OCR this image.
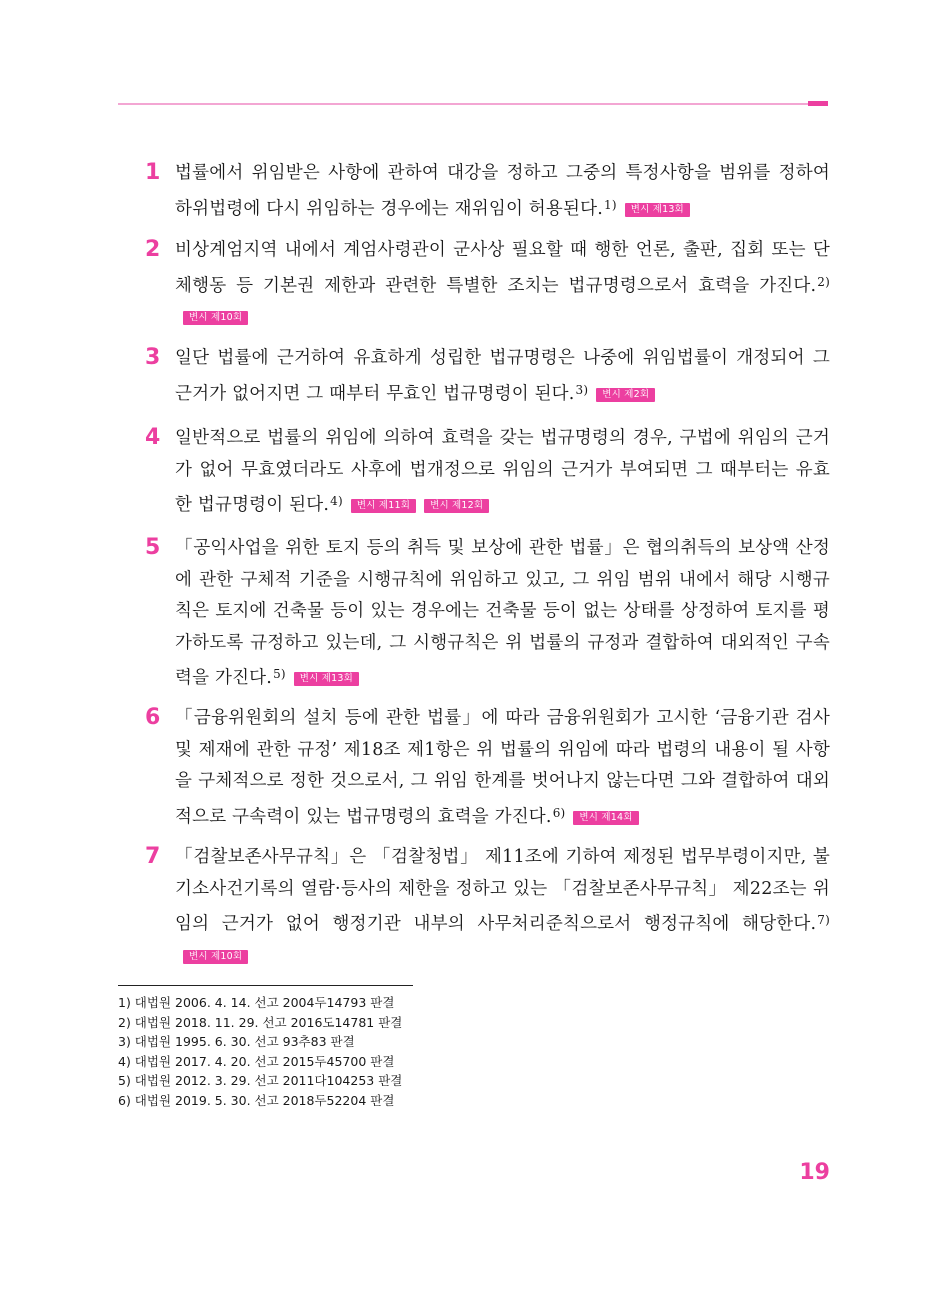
1 법률에서 위임받은 사항에 관하여 대강을 정하고 그중의 특정사항을 범위를 정하여 하위법령에 다시 위임하는 경우에는 재위임이 허용된다.$^{1)}$ 변시 제13회
2 비상계엄지역 내에서 계엄사령관이 군사상 필요할 때 행한 언론, 출판, 집회 또는 단체행동 등 기본권 제한과 관련한 특별한 조치는 법규명령으로서 효력을 가진다.$^{2)}$변시 제10회
3 일단 법률에 근거하여 유효하게 성립한 법규명령은 나중에 위임법률이 개정되어 그 근거가 없어지면 그 때부터 무효인 법규명령이 된다.$^{3)}$ 변시 제2회
4 일반적으로 법률의 위임에 의하여 효력을 갖는 법규명령의 경우, 구법에 위임의 근거가 없어 무효였더라도 사후에 법개정으로 위임의 근거가 부여되면 그 때부터는 유효한 법규명령이 된다.$^{4)}$ 변시 제11회 변시 제12회
5 「공익사업을 위한 토지 등의 취득 및 보상에 관한 법률」은 협의취득의 보상액 산정에 관한 구체적 기준을 시행규칙에 위임하고 있고, 그 위임 범위 내에서 해당 시행규칙은 토지에 건축물 등이 있는 경우에는 건축물 등이 없는 상태를 상정하여 토지를 평가하도록 규정하고 있는데, 그 시행규칙은 위 법률의 규정과 결합하여 대외적인 구속력을 가진다.$^{5)}$ 변시 제13회
6 「금융위원회의 설치 등에 관한 법률」에 따라 금융위원회가 고시한 ‘금융기관 검사 및 제재에 관한 규정’ 제18조 제1항은 위 법률의 위임에 따라 법령의 내용이 될 사항을 구체적으로 정한 것으로서, 그 위임 한계를 벗어나지 않는다면 그와 결합하여 대외적으로 구속력이 있는 법규명령의 효력을 가진다.$^{6)}$ 변시 제14회
7 「검찰보존사무규칙」은 「검찰청법」 제11조에 기하여 제정된 법무부령이지만, 불기소사건기록의 열람·등사의 제한을 정하고 있는 「검찰보존사무규칙」 제22조는 위임의 근거가 없어 행정기관 내부의 사무처리준칙으로서 행정규칙에 해당한다.$^{7)}$변시 제10회
1) 대법원 2006. 4. 14. 선고 2004두14793 판결
2) 대법원 2018. 11. 29. 선고 2016도14781 판결
3) 대법원 1995. 6. 30. 선고 93추83 판결
4) 대법원 2017. 4. 20. 선고 2015두45700 판결
5) 대법원 2012. 3. 29. 선고 2011다104253 판결
6) 대법원 2019. 5. 30. 선고 2018두52204 판결
19
